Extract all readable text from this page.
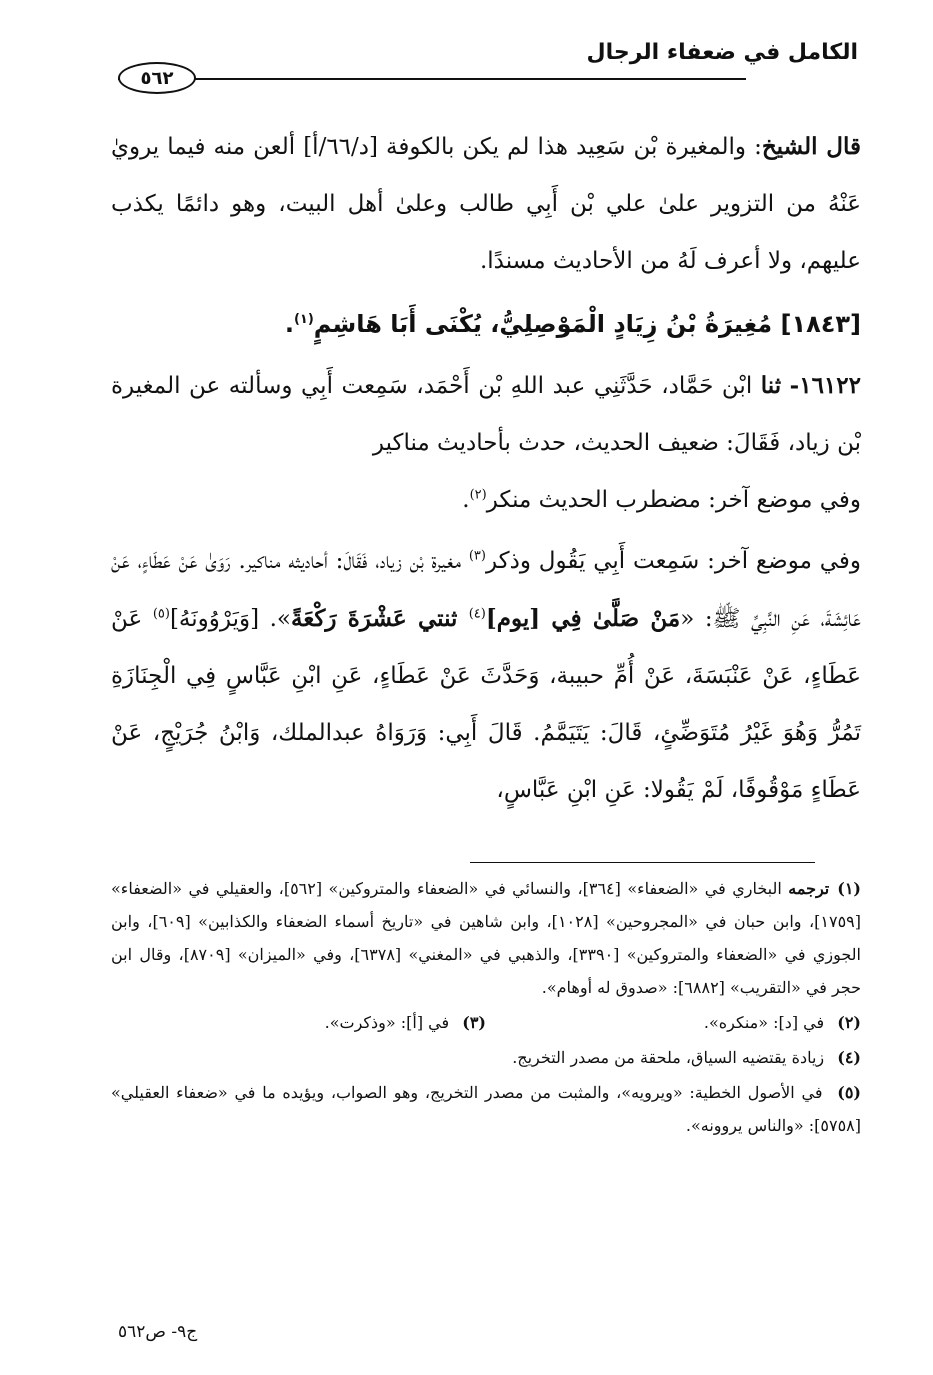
الكامل في ضعفاء الرجال
٥٦٢

قال الشيخ: والمغيرة بْن سَعِيد هذا لم يكن بالكوفة [د/٦٦/أ] ألعن منه فيما يرويٰ عَنْهُ من التزوير علىٰ علي بْن أَبِي طالب وعلىٰ أهل البيت، وهو دائمًا يكذب عليهم، ولا أعرف لَهُ من الأحاديث مسندًا.

[١٨٤٣] مُغِيرَةُ بْنُ زِيَادٍ الْمَوْصِلِيُّ، يُكْنَى أَبَا هَاشِمٍ$^{(١)}$.

١٦١٢٢- ثنا ابْن حَمَّاد، حَدَّثَنِي عبد اللهِ بْن أَحْمَد، سَمِعت أَبِي وسألته عن المغيرة بْن زياد، فَقَالَ: ضعيف الحديث، حدث بأحاديث مناكير

وفي موضع آخر: مضطرب الحديث منكر$^{(٢)}$.

وفي موضع آخر: سَمِعت أَبِي يَقُول وذكر$^{(٣)}$ مغيرة بْن زياد، فَقَالَ: أحاديثه مناكير. رَوَىٰ عَنْ عَطَاءٍ، عَنْ عَائِشَةَ، عَنِ النَّبِيِّ ﷺ: «مَنْ صَلَّىٰ فِي [يوم]$^{(٤)}$ ثنتي عَشْرَةَ رَكْعَةً». [وَيَرْوُونَهُ]$^{(٥)}$ عَنْ عَطَاءٍ، عَنْ عَنْبَسَةَ، عَنْ أُمِّ حبيبة، وَحَدَّثَ عَنْ عَطَاءٍ، عَنِ ابْنِ عَبَّاسٍ فِي الْجِنَازَةِ تَمُرُّ وَهُوَ غَيْرُ مُتَوَضِّئٍ، قَالَ: يَتَيَمَّمُ. قَالَ أَبِي: وَرَوَاهُ عبدالملك، وَابْنُ جُرَيْجٍ، عَنْ عَطَاءٍ مَوْقُوفًا، لَمْ يَقُولا: عَنِ ابْنِ عَبَّاسٍ،

(١)ترجمه البخاري في «الضعفاء» [٣٦٤]، والنسائي في «الضعفاء والمتروكين» [٥٦٢]، والعقيلي في «الضعفاء» [١٧٥٩]، وابن حبان في «المجروحين» [١٠٢٨]، وابن شاهين في «تاريخ أسماء الضعفاء والكذابين» [٦٠٩]، وابن الجوزي في «الضعفاء والمتروكين» [٣٣٩٠]، والذهبي في «المغني» [٦٣٧٨]، وفي «الميزان» [٨٧٠٩]، وقال ابن حجر في «التقريب» [٦٨٨٢]: «صدوق له أوهام».

(٢) في [د]: «منكره».

(٣) في [أ]: «وذكرت».

(٤) زيادة يقتضيه السياق، ملحقة من مصدر التخريج.

(٥) في الأصول الخطية: «ويرويه»، والمثبت من مصدر التخريج، وهو الصواب، ويؤيده ما في «ضعفاء العقيلي» [٥٧٥٨]: «والناس يروونه».

ج٩- ص٥٦٢
